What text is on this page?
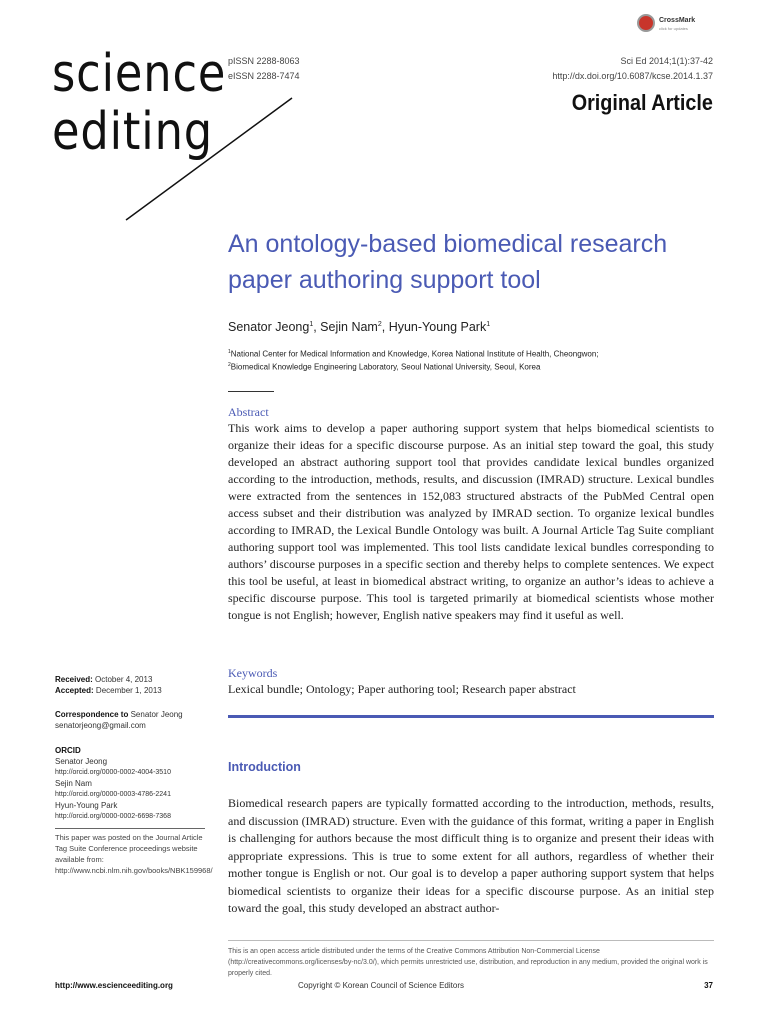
science
editing
pISSN 2288-8063
eISSN 2288-7474
CrossMark
click for updates
Sci Ed 2014;1(1):37-42
http://dx.doi.org/10.6087/kcse.2014.1.37
Original Article
An ontology-based biomedical research
paper authoring support tool
Senator Jeong$^1$, Sejin Nam$^2$, Hyun-Young Park$^1$
$^1$National Center for Medical Information and Knowledge, Korea National Institute of Health, Cheongwon;
$^2$Biomedical Knowledge Engineering Laboratory, Seoul National University, Seoul, Korea
Abstract
This work aims to develop a paper authoring support system that helps biomedical scientists to organize their ideas for a specific discourse purpose. As an initial step toward the goal, this study developed an abstract authoring support tool that provides candidate lexical bundles organized according to the introduction, methods, results, and discussion (IMRAD) structure. Lexical bundles were extracted from the sentences in 152,083 structured abstracts of the PubMed Central open access subset and their distribution was analyzed by IMRAD section. To organize lexical bundles according to IMRAD, the Lexical Bundle Ontology was built. A Journal Article Tag Suite compliant authoring support tool was implemented. This tool lists candidate lexical bundles corresponding to authors’ discourse purposes in a specific section and thereby helps to complete sentences. We expect this tool be useful, at least in biomedical abstract writing, to organize an author’s ideas to achieve a specific discourse purpose. This tool is targeted primarily at biomedical scientists whose mother tongue is not English; however, English native speakers may find it useful as well.
Keywords
Lexical bundle; Ontology; Paper authoring tool; Research paper abstract
Received: October 4, 2013
Accepted: December 1, 2013
Correspondence to Senator Jeong
senatorjeong@gmail.com
ORCID
Senator Jeong
http://orcid.org/0000-0002-4004-3510
Sejin Nam
http://orcid.org/0000-0003-4786-2241
Hyun-Young Park
http://orcid.org/0000-0002-6698-7368
This paper was posted on the Journal Article Tag Suite Conference proceedings website available from: http://www.ncbi.nlm.nih.gov/books/NBK159968/
Introduction
Biomedical research papers are typically formatted according to the introduction, methods, results, and discussion (IMRAD) structure. Even with the guidance of this format, writing a paper in English is challenging for authors because the most difficult thing is to organize and present their ideas with appropriate expressions. This is true to some extent for all authors, regardless of whether their mother tongue is English or not. Our goal is to develop a paper authoring support system that helps biomedical scientists to organize their ideas for a specific discourse purpose. As an initial step toward the goal, this study developed an abstract author-
This is an open access article distributed under the terms of the Creative Commons Attribution Non-Commercial License (http://creativecommons.org/licenses/by-nc/3.0/), which permits unrestricted use, distribution, and reproduction in any medium, provided the original work is properly cited.
http://www.escienceediting.org	Copyright © Korean Council of Science Editors	37
